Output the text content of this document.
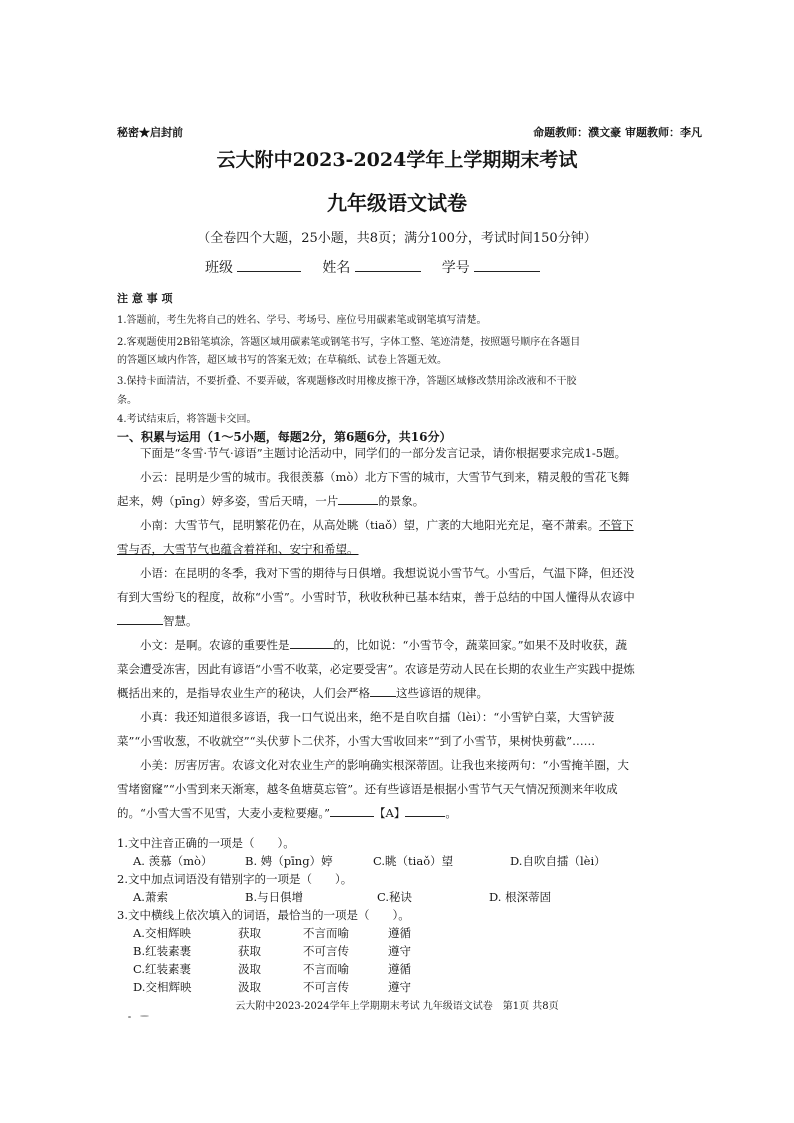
秘密★启封前	命题教师：濮文豪 审题教师：李凡
云大附中2023-2024学年上学期期末考试
九年级语文试卷
（全卷四个大题，25小题，共8页；满分100分，考试时间150分钟）
班级	姓名	学号
注 意 事 项
1.答题前，考生先将自己的姓名、学号、考场号、座位号用碳素笔或钢笔填写清楚。
2.客观题使用2B铅笔填涂，答题区域用碳素笔或钢笔书写，字体工整、笔迹清楚，按照题号顺序在各题目
的答题区域内作答，超区域书写的答案无效；在草稿纸、试卷上答题无效。
3.保持卡面清洁，不要折叠、不要弄破，客观题修改时用橡皮擦干净，答题区域修改禁用涂改液和不干胶
条。
4.考试结束后，将答题卡交回。
一、积累与运用（1～5小题，每题2分，第6题6分，共16分）

下面是“冬雪·节气·谚语”主题讨论活动中，同学们的一部分发言记录，请你根据要求完成1-5题。

小云：昆明是少雪的城市。我很羡慕（mò）北方下雪的城市，大雪节气到来，精灵般的雪花飞舞起来，娉（pīng）婷多姿，雪后天晴，一片	的景象。

小南：大雪节气，昆明繁花仍在，从高处眺（tiaǒ）望，广袤的大地阳光充足，毫不萧索。不管下雪与否，大雪节气也蕴含着祥和、安宁和希望。

小语：在昆明的冬季，我对下雪的期待与日俱增。我想说说小雪节气。小雪后，气温下降，但还没有到大雪纷飞的程度，故称“小雪”。小雪时节，秋收秋种已基本结束，善于总结的中国人懂得从农谚中智慧。

小文：是啊。农谚的重要性是	的，比如说：“小雪节令，蔬菜回家。”如果不及时收获，蔬菜会遭受冻害，因此有谚语“小雪不收菜，必定要受害”。农谚是劳动人民在长期的农业生产实践中提炼概括出来的，是指导农业生产的秘诀，人们会严格 这些谚语的规律。

小真：我还知道很多谚语，我一口气说出来，绝不是自吹自擂（lèi）：“小雪铲白菜，大雪铲菠菜”“小雪收葱，不收就空”“头伏萝卜二伏芥，小雪大雪收回来”“到了小雪节，果树快剪截”……

小美：厉害厉害。农谚文化对农业生产的影响确实根深蒂固。让我也来接两句：“小雪掩羊圈，大雪堵窗窿”“小雪到来天渐寒，越冬鱼塘莫忘管”。还有些谚语是根据小雪节气天气情况预测来年收成的。“小雪大雪不见雪，大麦小麦粒要瘪。”	【A】	。

1.文中注音正确的一项是（　　）。
A. 羡慕（mò）	B. 娉（pīng）婷	C.眺（tiaǒ）望	D.自吹自擂（lèi）
2.文中加点词语没有错别字的一项是（　　）。
A.萧索	B.与日俱增	C.秘诀	D. 根深蒂固
3.文中横线上依次填入的词语，最恰当的一项是（　　）。
A.交相辉映	获取	不言而喻	遵循
B.红装素裹	获取	不可言传	遵守
C.红装素裹	汲取	不言而喻	遵循
D.交相辉映	汲取	不可言传	遵守
云大附中2023-2024学年上学期期末考试 九年级语文试卷　第1页 共8页
